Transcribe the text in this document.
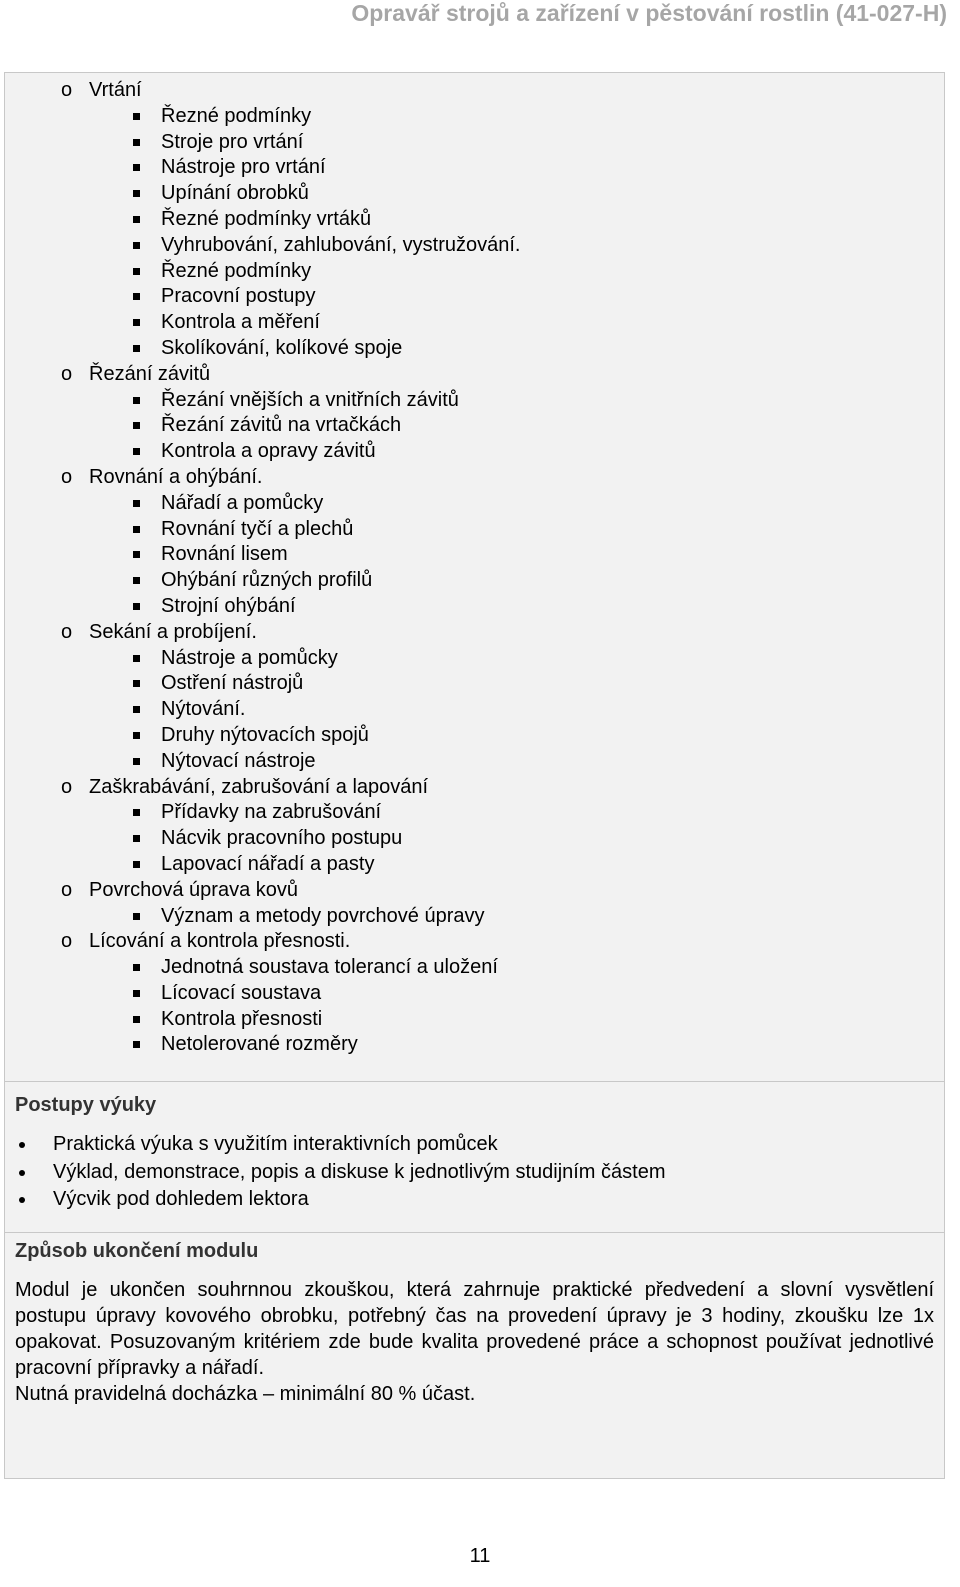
Opravář strojů a zařízení v pěstování rostlin (41-027-H)
o Vrtání
Řezné podmínky
Stroje pro vrtání
Nástroje pro vrtání
Upínání obrobků
Řezné podmínky vrtáků
Vyhrubování, zahlubování, vystružování.
Řezné podmínky
Pracovní postupy
Kontrola a měření
Skolíkování, kolíkové spoje
o Řezání závitů
Řezání vnějších a vnitřních závitů
Řezání závitů na vrtačkách
Kontrola a opravy závitů
o Rovnání a ohýbání.
Nářadí a pomůcky
Rovnání tyčí a plechů
Rovnání lisem
Ohýbání různých profilů
Strojní ohýbání
o Sekání a probíjení.
Nástroje a pomůcky
Ostření nástrojů
Nýtování.
Druhy nýtovacích spojů
Nýtovací nástroje
o Zaškrabávání, zabrušování a lapování
Přídavky na zabrušování
Nácvik pracovního postupu
Lapovací nářadí a pasty
o Povrchová úprava kovů
Význam a metody povrchové úpravy
o Lícování a kontrola přesnosti.
Jednotná soustava tolerancí a uložení
Lícovací soustava
Kontrola přesnosti
Netolerované rozměry
Postupy výuky
Praktická výuka s využitím interaktivních pomůcek
Výklad, demonstrace, popis a diskuse k jednotlivým studijním částem
Výcvik pod dohledem lektora
Způsob ukončení modulu

Modul je ukončen souhrnnou zkouškou, která zahrnuje praktické předvedení a slovní vysvětlení postupu úpravy kovového obrobku, potřebný čas na provedení úpravy je 3 hodiny, zkoušku lze 1x opakovat. Posuzovaným kritériem zde bude kvalita provedené práce a schopnost používat jednotlivé pracovní přípravky a nářadí.

Nutná pravidelná docházka – minimální 80 % účast.

11
